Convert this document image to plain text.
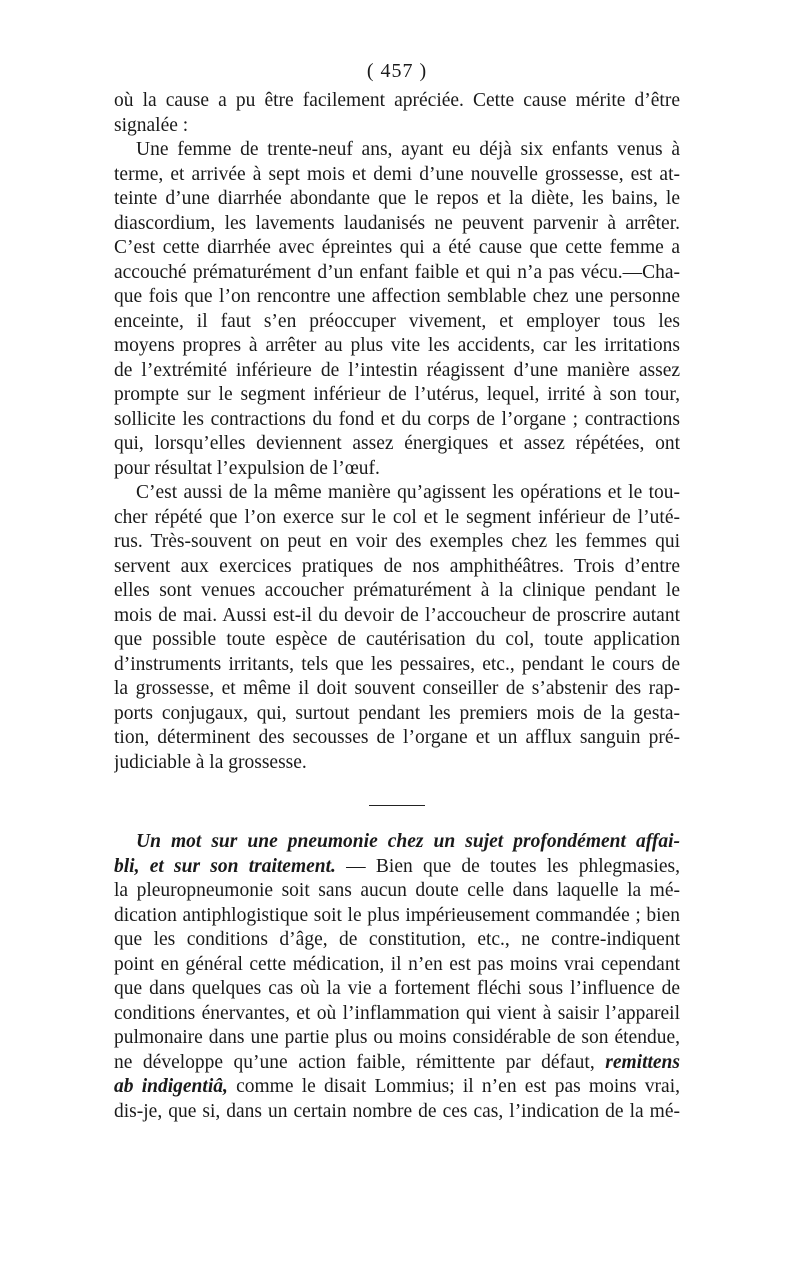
( 457 )
où la cause a pu être facilement apréciée. Cette cause mérite d’être
signalée :
Une femme de trente-neuf ans, ayant eu déjà six enfants venus à
terme, et arrivée à sept mois et demi d’une nouvelle grossesse, est at-
teinte d’une diarrhée abondante que le repos et la diète, les bains, le
diascordium, les lavements laudanisés ne peuvent parvenir à arrêter.
C’est cette diarrhée avec épreintes qui a été cause que cette femme a
accouché prématurément d’un enfant faible et qui n’a pas vécu.—Cha-
que fois que l’on rencontre une affection semblable chez une personne
enceinte, il faut s’en préoccuper vivement, et employer tous les
moyens propres à arrêter au plus vite les accidents, car les irritations
de l’extrémité inférieure de l’intestin réagissent d’une manière assez
prompte sur le segment inférieur de l’utérus, lequel, irrité à son tour,
sollicite les contractions du fond et du corps de l’organe ; contractions
qui, lorsqu’elles deviennent assez énergiques et assez répétées, ont
pour résultat l’expulsion de l’œuf.
C’est aussi de la même manière qu’agissent les opérations et le tou-
cher répété que l’on exerce sur le col et le segment inférieur de l’uté-
rus. Très-souvent on peut en voir des exemples chez les femmes qui
servent aux exercices pratiques de nos amphithéâtres. Trois d’entre
elles sont venues accoucher prématurément à la clinique pendant le
mois de mai. Aussi est-il du devoir de l’accoucheur de proscrire autant
que possible toute espèce de cautérisation du col, toute application
d’instruments irritants, tels que les pessaires, etc., pendant le cours de
la grossesse, et même il doit souvent conseiller de s’abstenir des rap-
ports conjugaux, qui, surtout pendant les premiers mois de la gesta-
tion, déterminent des secousses de l’organe et un afflux sanguin pré-
judiciable à la grossesse.
Un mot sur une pneumonie chez un sujet profondément affai-
bli, et sur son traitement. — Bien que de toutes les phlegmasies,
la pleuropneumonie soit sans aucun doute celle dans laquelle la mé-
dication antiphlogistique soit le plus impérieusement commandée ; bien
que les conditions d’âge, de constitution, etc., ne contre-indiquent
point en général cette médication, il n’en est pas moins vrai cependant
que dans quelques cas où la vie a fortement fléchi sous l’influence de
conditions énervantes, et où l’inflammation qui vient à saisir l’appareil
pulmonaire dans une partie plus ou moins considérable de son étendue,
ne développe qu’une action faible, rémittente par défaut, remittens
ab indigentiâ, comme le disait Lommius; il n’en est pas moins vrai,
dis-je, que si, dans un certain nombre de ces cas, l’indication de la mé-
